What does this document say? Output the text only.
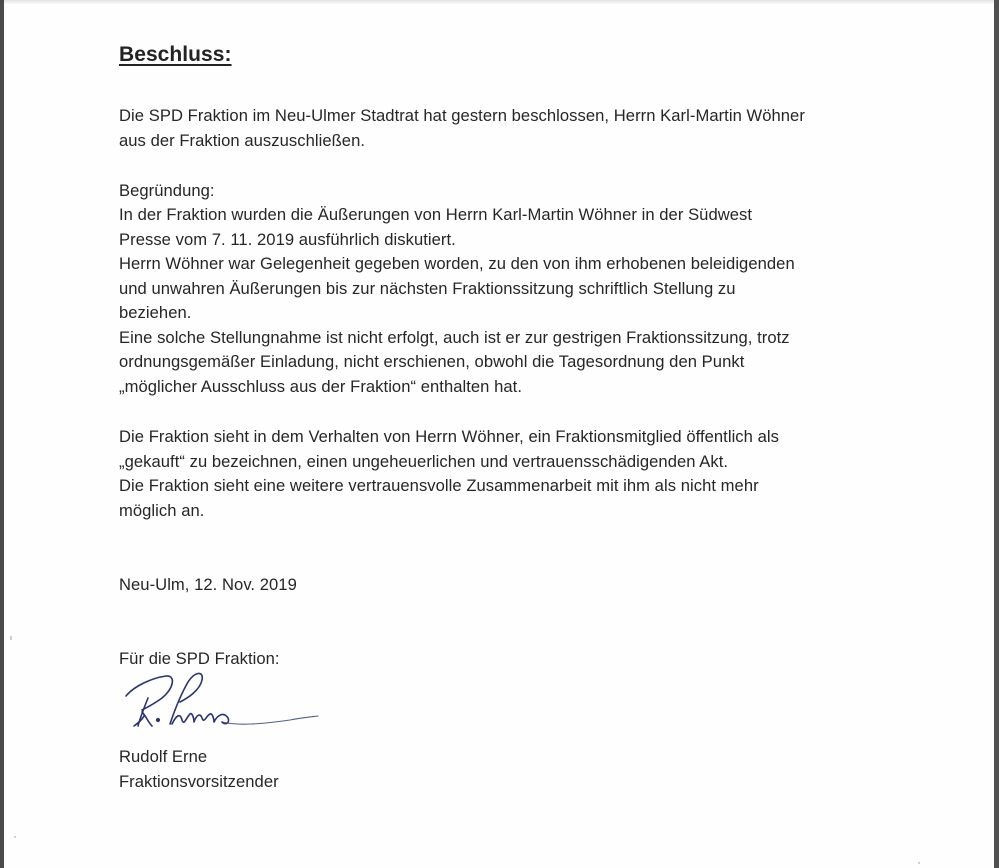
Beschluss:
Die SPD Fraktion im Neu-Ulmer Stadtrat hat gestern beschlossen, Herrn Karl-Martin Wöhner
aus der Fraktion auszuschließen.
Begründung:
In der Fraktion wurden die Äußerungen von Herrn Karl-Martin Wöhner in der Südwest
Presse vom 7. 11. 2019 ausführlich diskutiert.
Herrn Wöhner war Gelegenheit gegeben worden, zu den von ihm erhobenen beleidigenden
und unwahren Äußerungen bis zur nächsten Fraktionssitzung schriftlich Stellung zu
beziehen.
Eine solche Stellungnahme ist nicht erfolgt, auch ist er zur gestrigen Fraktionssitzung, trotz
ordnungsgemäßer Einladung, nicht erschienen, obwohl die Tagesordnung den Punkt
„möglicher Ausschluss aus der Fraktion“ enthalten hat.
Die Fraktion sieht in dem Verhalten von Herrn Wöhner, ein Fraktionsmitglied öffentlich als
„gekauft“ zu bezeichnen, einen ungeheuerlichen und vertrauensschädigenden Akt.
Die Fraktion sieht eine weitere vertrauensvolle Zusammenarbeit mit ihm als nicht mehr
möglich an.
Neu-Ulm, 12. Nov. 2019
Für die SPD Fraktion:
Rudolf Erne
Fraktionsvorsitzender
